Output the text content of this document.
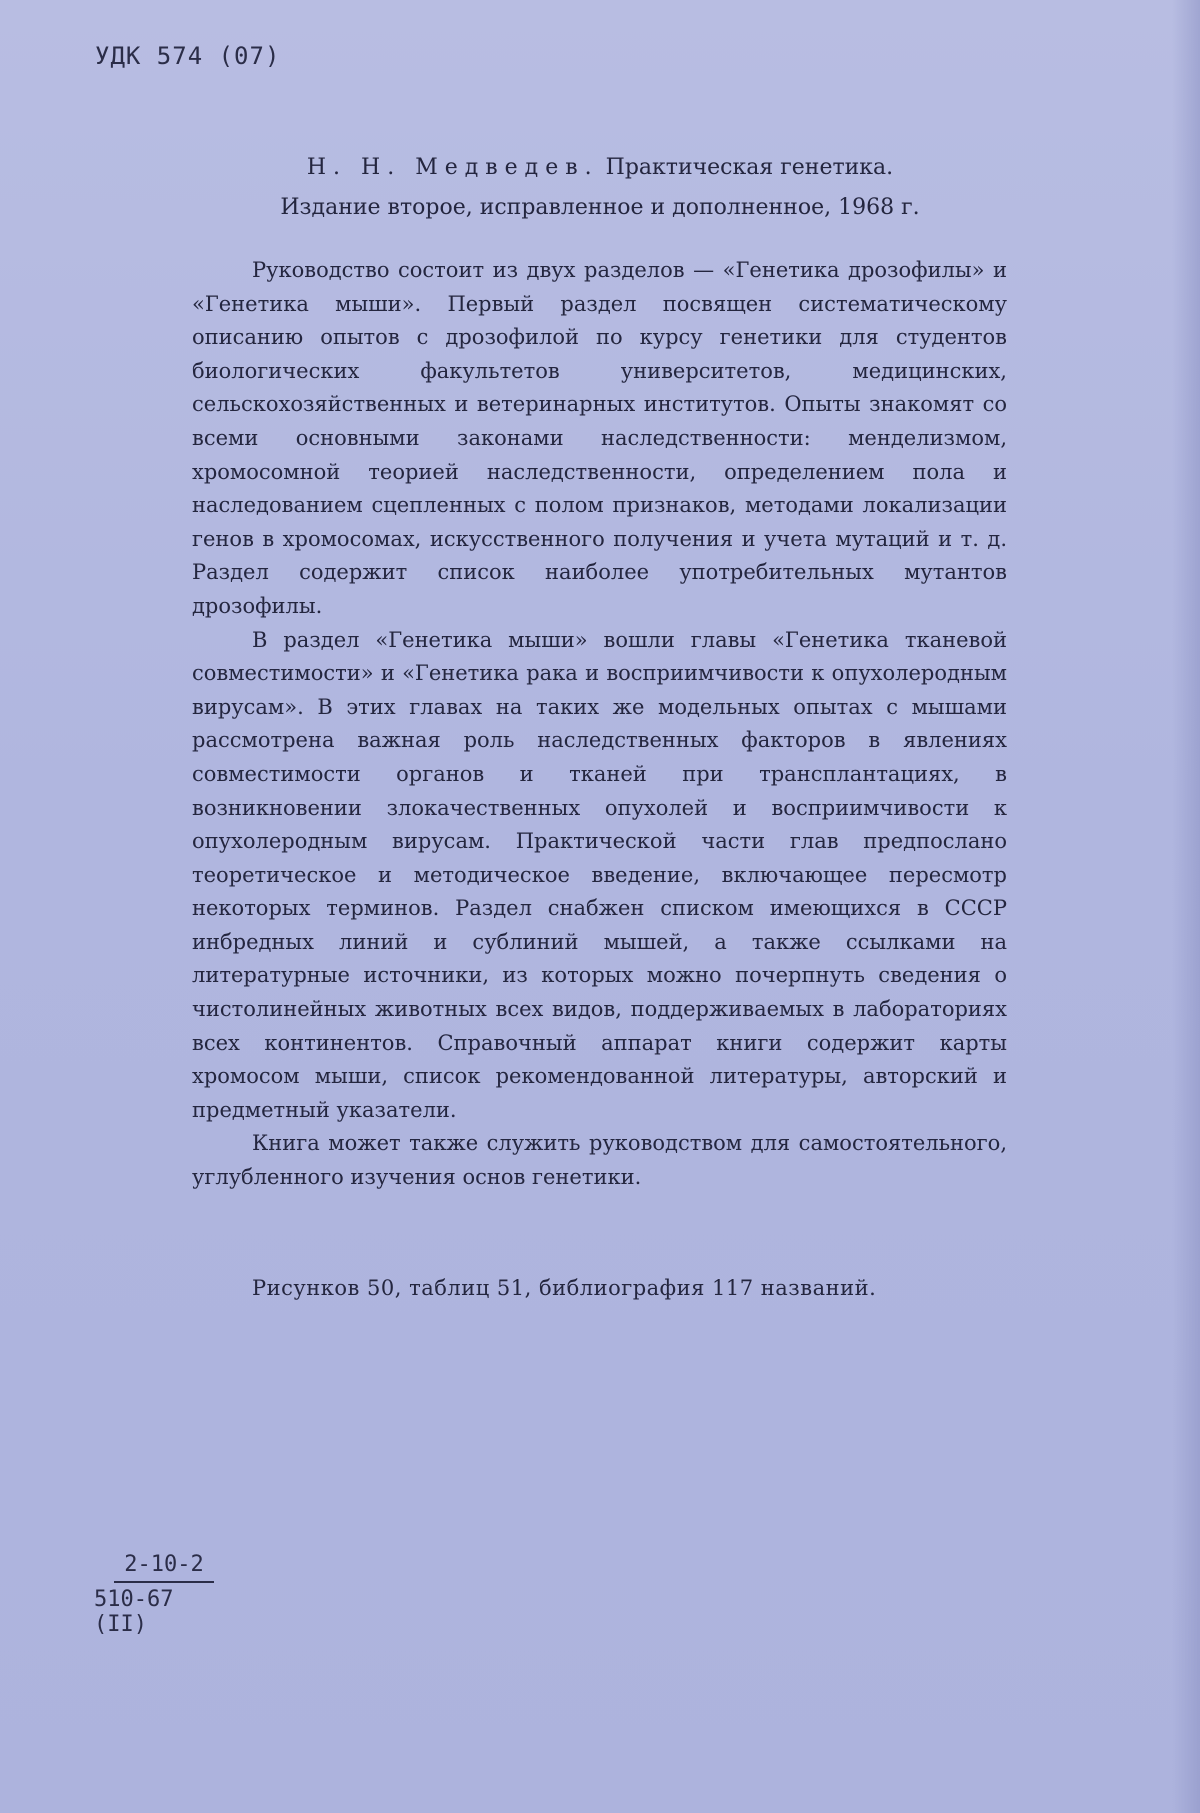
УДК 574 (07)
Н. Н. Медведев. Практическая генетика.
Издание второе, исправленное и дополненное, 1968 г.

Руководство состоит из двух разделов — «Генетика дрозофилы» и «Генетика мыши». Первый раздел посвящен систематическому описанию опытов с дрозофилой по курсу генетики для студентов биологических факультетов университетов, медицинских, сельскохозяйственных и ветеринарных институтов. Опыты знакомят со всеми основными законами наследственности: менделизмом, хромосомной теорией наследственности, определением пола и наследованием сцепленных с полом признаков, методами локализации генов в хромосомах, искусственного получения и учета мутаций и т. д. Раздел содержит список наиболее употребительных мутантов дрозофилы.

В раздел «Генетика мыши» вошли главы «Генетика тканевой совместимости» и «Генетика рака и восприимчивости к опухолеродным вирусам». В этих главах на таких же модельных опытах с мышами рассмотрена важная роль наследственных факторов в явлениях совместимости органов и тканей при трансплантациях, в возникновении злокачественных опухолей и восприимчивости к опухолеродным вирусам. Практической части глав предпослано теоретическое и методическое введение, включающее пересмотр некоторых терминов. Раздел снабжен списком имеющихся в СССР инбредных линий и сублиний мышей, а также ссылками на литературные источники, из которых можно почерпнуть сведения о чистолинейных животных всех видов, поддерживаемых в лабораториях всех континентов. Справочный аппарат книги содержит карты хромосом мыши, список рекомендованной литературы, авторский и предметный указатели.

Книга может также служить руководством для самостоятельного, углубленного изучения основ генетики.

Рисунков 50, таблиц 51, библиография 117 названий.
$\frac{2-10-2}{510-67 (II)}$
